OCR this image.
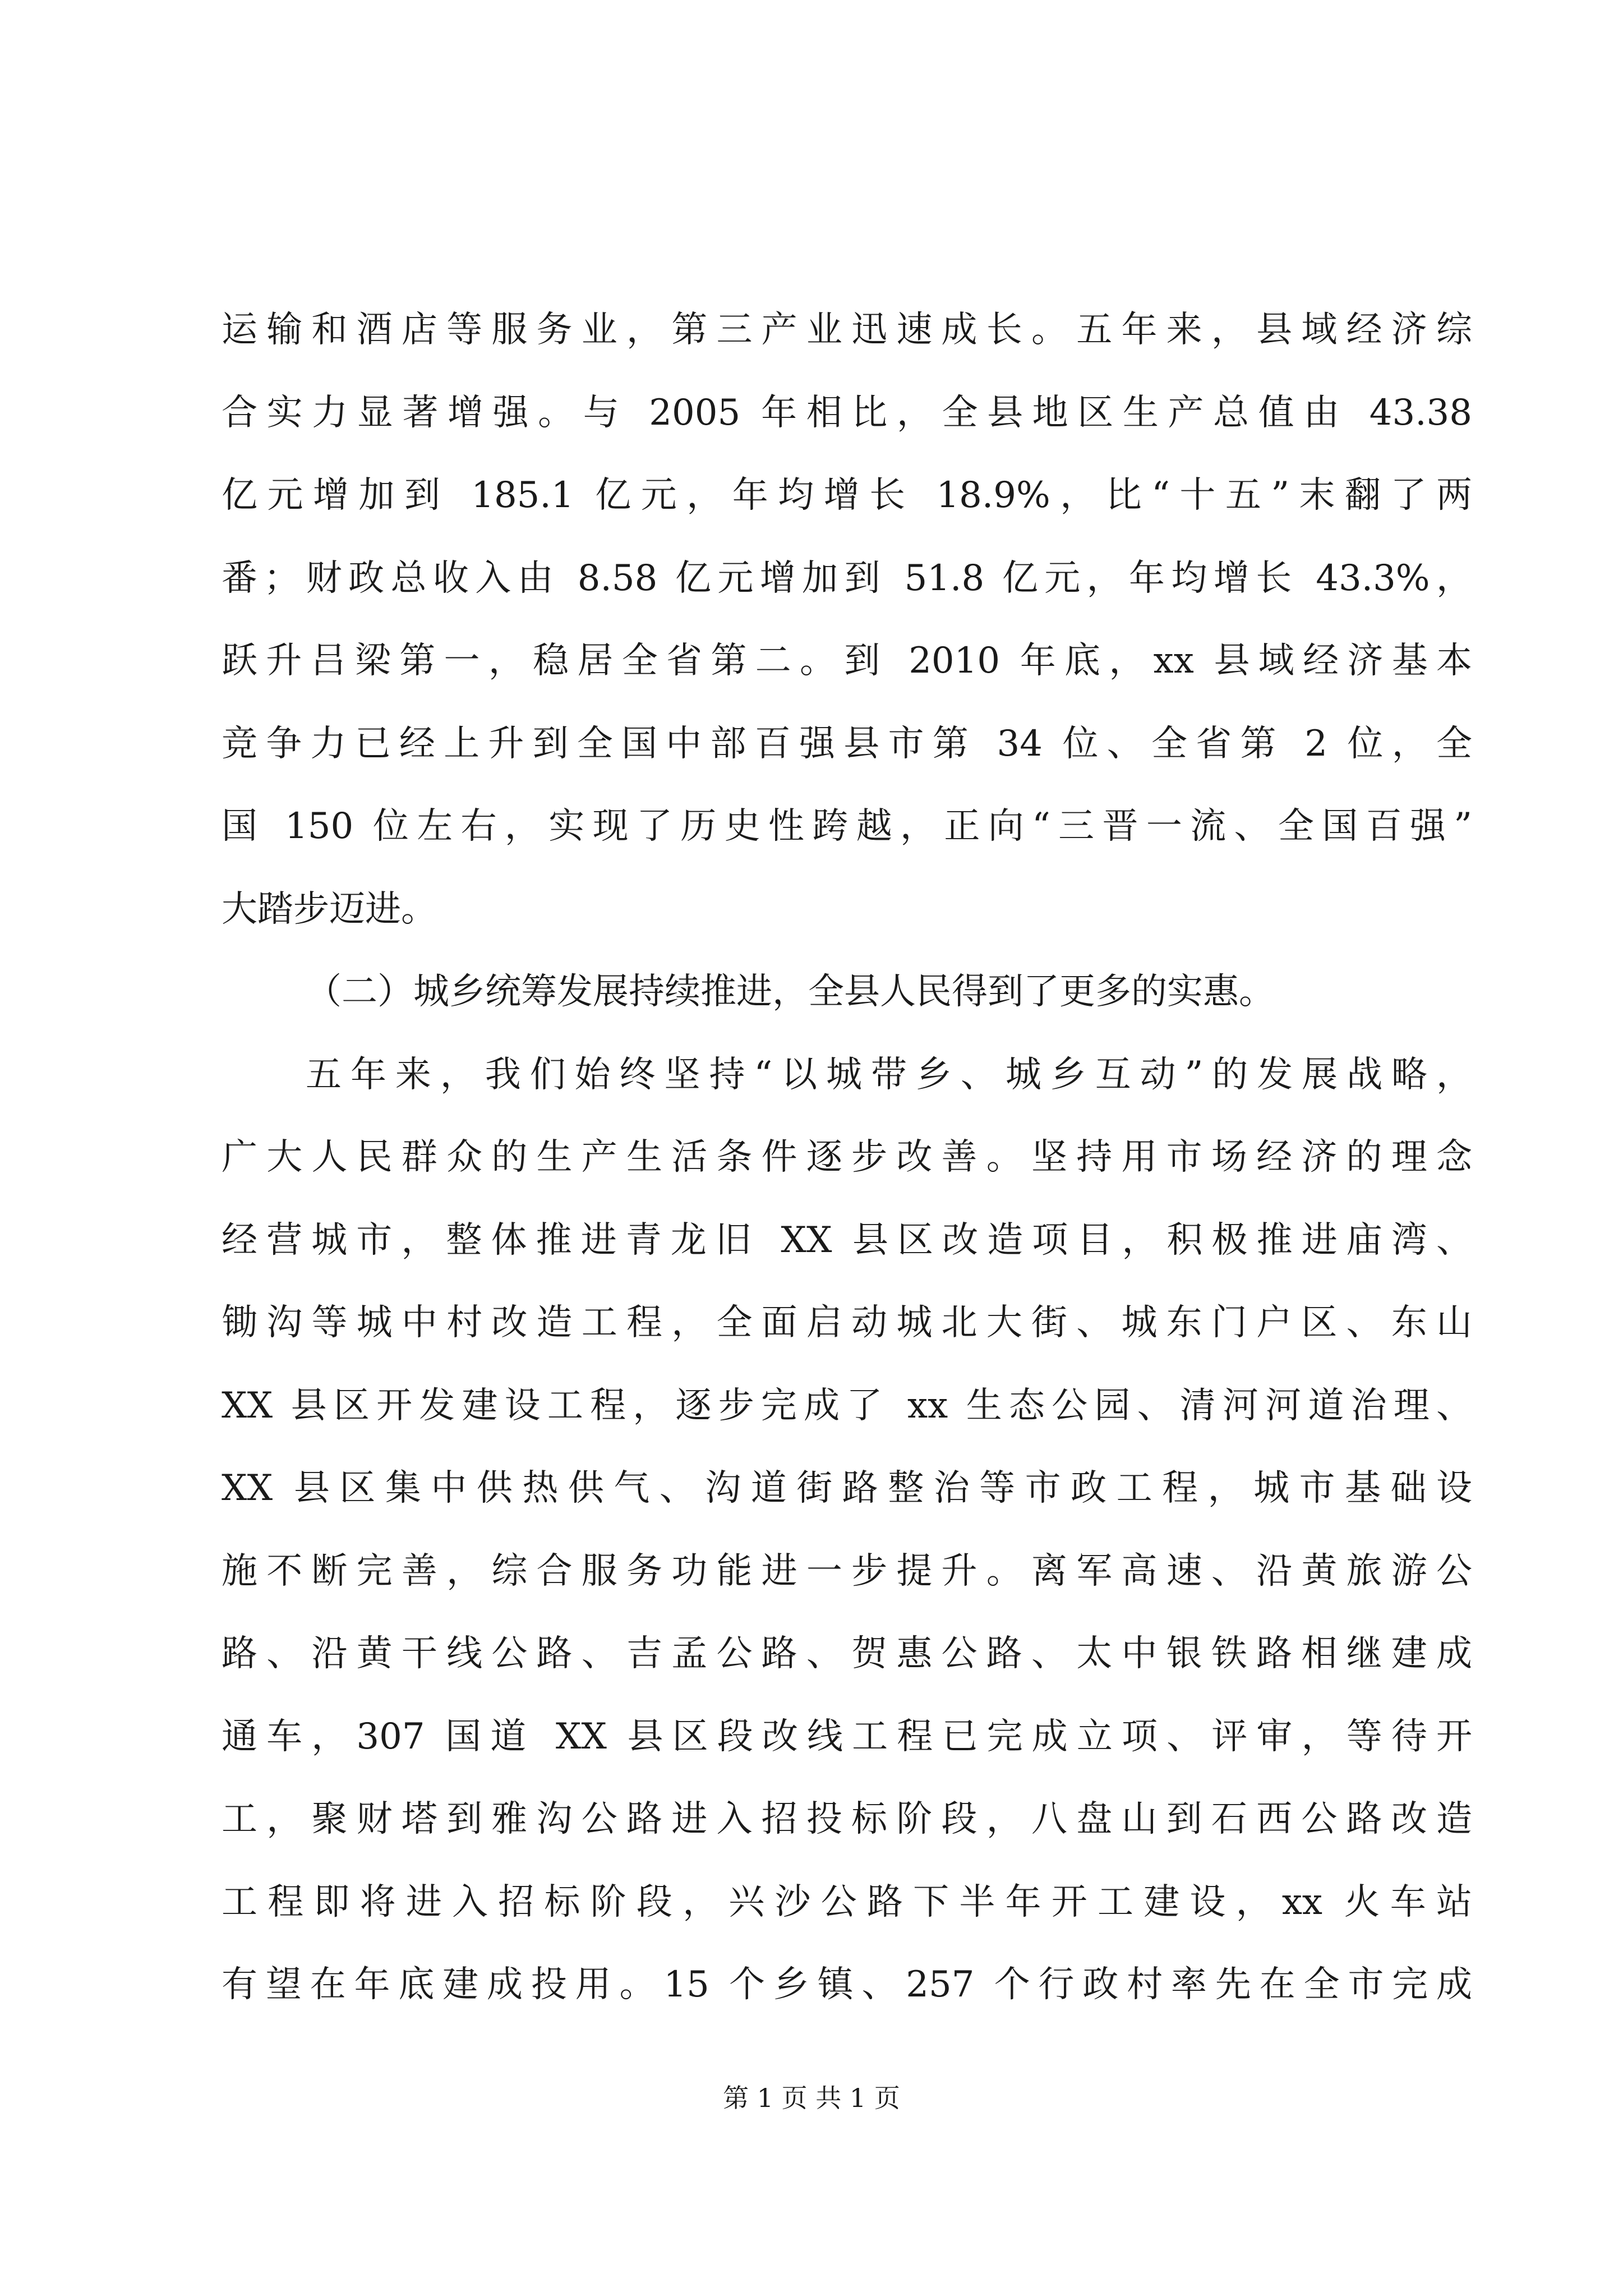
运输和酒店等服务业，第三产业迅速成长。五年来，县域经济综
合实力显著增强。与 2005 年相比，全县地区生产总值由 43.38
亿元增加到 185.1 亿元，年均增长 18.9%，比“十五”末翻了两
番；财政总收入由 8.58 亿元增加到 51.8 亿元，年均增长 43.3%，
跃升吕梁第一，稳居全省第二。到 2010 年底，xx 县域经济基本
竞争力已经上升到全国中部百强县市第 34 位、全省第 2 位，全
国 150 位左右，实现了历史性跨越，正向“三晋一流、全国百强”
大踏步迈进。
（二）城乡统筹发展持续推进，全县人民得到了更多的实惠。
五年来，我们始终坚持“以城带乡、城乡互动”的发展战略，
广大人民群众的生产生活条件逐步改善。坚持用市场经济的理念
经营城市，整体推进青龙旧 XX 县区改造项目，积极推进庙湾、
锄沟等城中村改造工程，全面启动城北大街、城东门户区、东山
XX 县区开发建设工程，逐步完成了 xx 生态公园、清河河道治理、
XX 县区集中供热供气、沟道街路整治等市政工程，城市基础设
施不断完善，综合服务功能进一步提升。离军高速、沿黄旅游公
路、沿黄干线公路、吉孟公路、贺惠公路、太中银铁路相继建成
通车，307 国道 XX 县区段改线工程已完成立项、评审，等待开
工，聚财塔到雅沟公路进入招投标阶段，八盘山到石西公路改造
工程即将进入招标阶段，兴沙公路下半年开工建设，xx 火车站
有望在年底建成投用。15 个乡镇、257 个行政村率先在全市完成
第 1 页 共 1 页
